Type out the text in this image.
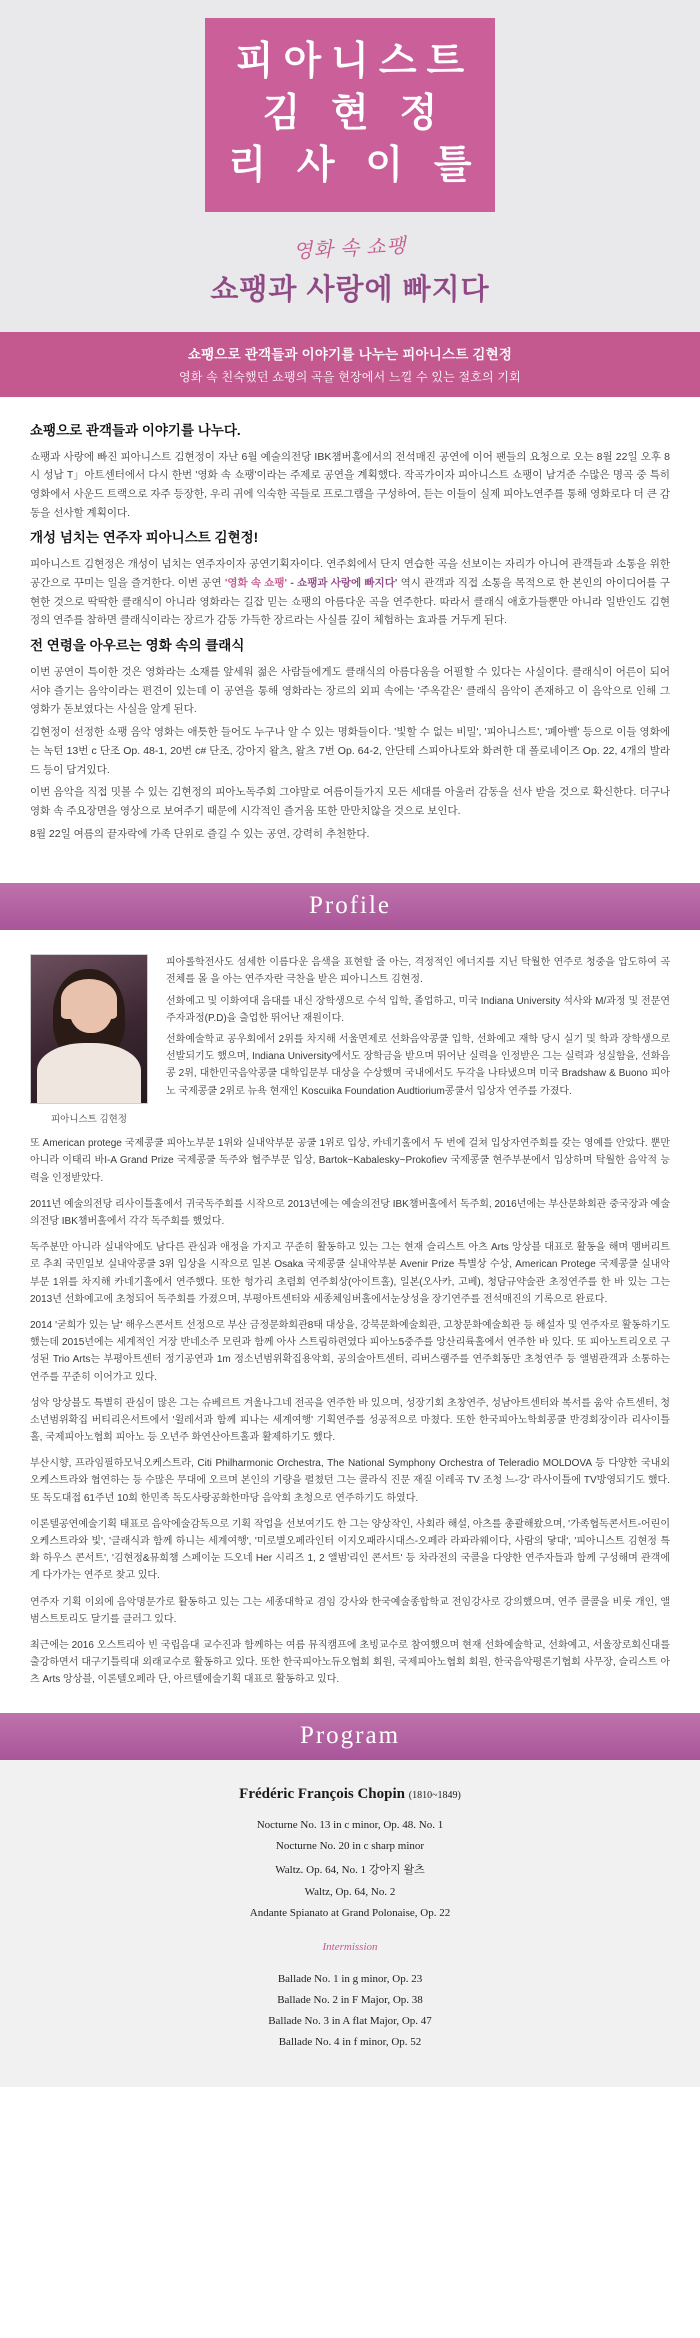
피아니스트
김 현 정
리 사 이 틀
영화 속 쇼팽
쇼팽과 사랑에 빠지다
쇼팽으로 관객들과 이야기를 나누는 피아니스트 김현정
영화 속 친숙했던 쇼팽의 곡을 현장에서 느낄 수 있는 절호의 기회
쇼팽으로 관객들과 이야기를 나누다.

쇼팽과 사랑에 빠진 피아니스트 김현정이 자난 6월 예술의전당 IBK챔버홀에서의 전석매진 공연에 이어 팬들의 요청으로 오는 8월 22일 오후 8시 성남 T」아트센터에서 다시 한번 '영화 속 쇼팽'이라는 주제로 공연을 계획했다. 작곡가이자 피아니스트 쇼팽이 남겨준 수많은 명곡 중 특히 영화에서 사운드 트랙으로 자주 등장한, 우리 귀에 익숙한 곡들로 프로그램을 구성하여, 듣는 이들이 실제 피아노연주를 통해 영화로다 더 큰 감동을 선사할 계획이다.

개성 넘치는 연주자 피아니스트 김현정!

피아니스트 김현정은 개성이 넘치는 연주자이자 공연기획자이다. 연주회에서 단지 연습한 곡을 선보이는 자리가 아니여 관객들과 소통을 위한 공간으로 꾸미는 일을 즐겨한다. 이번 공연 '영화 속 쇼팽' - 쇼팽과 사랑에 빠지다' 역시 관객과 직접 소통을 목적으로 한 본인의 아이디어를 구현한 것으로 딱딱한 클래식이 아니라 영화라는 길잡 믿는 쇼팽의 아름다운 곡을 연주한다. 따라서 클래식 애호가들뿐만 아니라 일반인도 김현정의 연주를 참하면 클래식이라는 장르가 감동 가득한 장르라는 사실를 깊이 체험하는 효과를 거두게 된다.

전 연령을 아우르는 영화 속의 클래식

이번 공연이 특이한 것은 영화라는 소재를 앞세워 젊은 사람들에게도 클래식의 아름다움을 어필할 수 있다는 사실이다. 클래식이 어른이 되어서야 즐기는 음악이라는 편견이 있는데 이 공연을 통해 영화라는 장르의 외피 속에는 '주옥같은' 클래식 음악이 존재하고 이 음악으로 인해 그 영화가 돋보였다는 사실을 알게 된다.

김현정이 선정한 쇼팽 음악 영화는 애틋한 들어도 누구나 알 수 있는 명화들이다. '빛할 수 없는 비밀', '피아니스트', '폐아벨' 등으로 이들 영화에는 녹턴 13번 c 단조 Op. 48-1, 20번 c# 단조, 강아지 왈츠, 왈츠 7번 Op. 64-2, 안단테 스피아나토와 화려한 대 폴로네이즈 Op. 22, 4개의 발라드 등이 담겨있다.

이번 음악을 직접 밋볼 수 있는 김현정의 피아노독주회 그야말로 여름이들가지 모든 세대를 아울러 감동을 선사 받을 것으로 확신한다. 더구나 영화 속 주요장면을 영상으로 보여주기 때문에 시각적인 즐거움 또한 만만치않을 것으로 보인다.

8월 22일 여름의 끝자락에 가족 단위로 즐길 수 있는 공연, 강력히 추천한다.

Profile
피아니스트 김현정

피아롤학전사도 섬세한 이름다운 음색을 표현할 줄 아는, 격정적인 에너지를 지닌 탁월한 연주로 청중을 압도하여 곡 전체를 몰 을 아는 연주자란 극찬을 받은 피아니스트 김현정.

선화예고 및 이화여대 음대를 내신 장학생으로 수석 입학, 졸업하고, 미국 Indiana University 석사와 M/과정 및 전문연주자과정(P.D)을 출업한 뛰어난 재원이다.

선화예술학교 공우회에서 2위를 차지해 서울면제로 선화음악콩쿨 입학, 선화예고 재학 당시 실기 및 학과 장학생으로 선발되기도 했으며, Indiana University에서도 장학금을 받으며 뛰어난 실력을 인정받은 그는 실력과 성실함을, 선화음콩 2위, 대한민국음악콩쿨 대학입문부 대상을 수상했며 국내에서도 두각을 나타냈으며 미국 Bradshaw & Buono 피아노 국제콩쿨 2위로 뉴욕 현재인 Koscuika Foundation Audtiorium콩쿨서 입상자 연주를 가졌다.

또 American protege 국제콩쿨 피아노부문 1위와 실내악부문 공쿨 1위로 입상, 카네기홀에서 두 번에 걸쳐 입상자연주회를 갖는 영예를 안았다. 뿐만 아니라 이태리 바I-A Grand Prize 국제콩쿨 독주와 협주부문 입상, Bartok~Kabalesky~Prokofiev 국제콩쿨 현주부분에서 입상하며 탁월한 음악적 능력을 인정받았다.

2011년 예술의전당 리사이틀홀에서 귀국독주회를 시작으로 2013년에는 예술의전당 IBK챔버홀에서 독주회, 2016년에는 부산문화회관 중국장과 예술의전당 IBK챔버홀에서 각각 독주회를 했었다.

독주분만 아니라 실내악에도 남다른 관심과 애정을 가지고 꾸준히 활동하고 있는 그는 현재 슬리스트 아츠 Arts 앙상블 대표로 활동을 해며 멤버리트로 추최 국민일보 실내악콩쿨 3위 입상을 시작으로 일본 Osaka 국제콩쿨 실내악부분 Avenir Prize 특별상 수상, American Protege 국제콩쿨 실내악부문 1위를 차지해 카네기홀에서 연주했다. 또한 헝가리 초렴회 연주회상(아이트홀), 일본(오사카, 고베), 청담규약술관 초정연주를 한 바 있는 그는 2013년 선화예고에 초청되어 독주회를 가졌으며, 부평아트센터와 세종체임버홀에서눈상성을 장기연주를 전석매진의 기록으로 완료다.

2014 '굳희가 있는 날' 해우스콘서트 선정으로 부산 금정문화회관8태 대상을, 강북문화예술회관, 고창문화예술회관 등 해설자 및 연주자로 활동하기도 했는데 2015년에는 세계적인 거장 반네소주 모린과 함께 아사 스트림하련였다 피아노5중주를 앙산리륙홀에서 연주한 바 있다. 또 피아노트리오로 구성된 Trio Arts는 부평아트센터 정기공연과 1m 정소년범위확집용악회, 공의술아트센터, 리버스램주를 연주회동만 초청연주 등 앨범관객과 소통하는 연주를 꾸준히 이어가고 있다.

성악 앙상블도 특별히 관심이 많은 그는 슈베르트 겨울나그네 전곡을 연주한 바 있으며, 성장기회 초창연주, 성남아트센터와 복서를 움악 슈트센터, 청소년범위확집 버티리은서트에서 '윌레서과 함께 피나는 세계여행' 기획연주를 성공적으로 마쳤다. 또한 한국피아노학회콩쿨 반경회장이라 리사이틀홀, 국제피아노협회 피아노 등 오년주 화연산아트홀과 활제하기도 했다.

부산시향, 프라임필하모닉오케스트라, Citi Philharmonic Orchestra, The National Symphony Orchestra of Teleradio MOLDOVA 등 다양한 국내외 오케스트라와 협연하는 등 수많은 무대에 오르며 본인의 기량을 펼쳤던 그는 콜라식 진문 재질 이레곡 TV 조청 느-강' 라사이틀에 TV방영되기도 했다. 또 독도대접 61주년 10회 한민족 독도사랑공화한마당 음악회 초청으로 연주하기도 하였다.

이론텔공연예술기획 태표로 음악에술감독으로 기획 작업을 선보여기도 한 그는 양상작인, 사회라 해설, 아츠를 총괄해왔으며, '가족협독콘서트-어린이 오케스트라와 빛', '클래식과 함께 하니는 세계여행', '미로별오페라인터 이지오패라시대스-오페라 라파라웨이다, 사람의 닿대', '피아니스트 김현정 특화 하우스 콘서트', '김현정&뮤희챔 스페이눈 드오네 Her 시리즈 1, 2 앨범'리인 콘서트' 등 차라전의 국콜을 다양한 연주자들과 함께 구성해며 관객에게 다가가는 연주로 찾고 있다.

연주자 기획 이외에 음악명문가로 활동하고 있는 그는 세종대학교 겸임 강사와 한국예술종합학교 전임강사로 강의했으며, 연주 콜콜을 비롯 개인, 앨범스트토리도 달기를 클러그 있다.

최근에는 2016 오스트리아 빈 국립음대 교수진과 함께하는 여름 뮤직캠프에 초빙교수로 참여했으며 현재 선화예술학교, 선화예고, 서울장로회신대를 출강하면서 대구기틀릭대 외래교수로 활동하고 있다. 또한 한국피아노듀오협회 회원, 국제피아노협회 회원, 한국음악평론기협회 사무장, 슬리스트 아츠 Arts 앙상블, 이론텔오페라 단, 아르텔에술기획 대표로 활동하고 있다.

Program
Frédéric François Chopin (1810~1849)
Nocturne No. 13 in c minor, Op. 48. No. 1
Nocturne No. 20 in c sharp minor
Waltz. Op. 64, No. 1 강아지 왈츠
Waltz, Op. 64, No. 2
Andante Spianato at Grand Polonaise, Op. 22
Intermission
Ballade No. 1 in g minor, Op. 23
Ballade No. 2 in F Major, Op. 38
Ballade No. 3 in A flat Major, Op. 47
Ballade No. 4 in f minor, Op. 52
